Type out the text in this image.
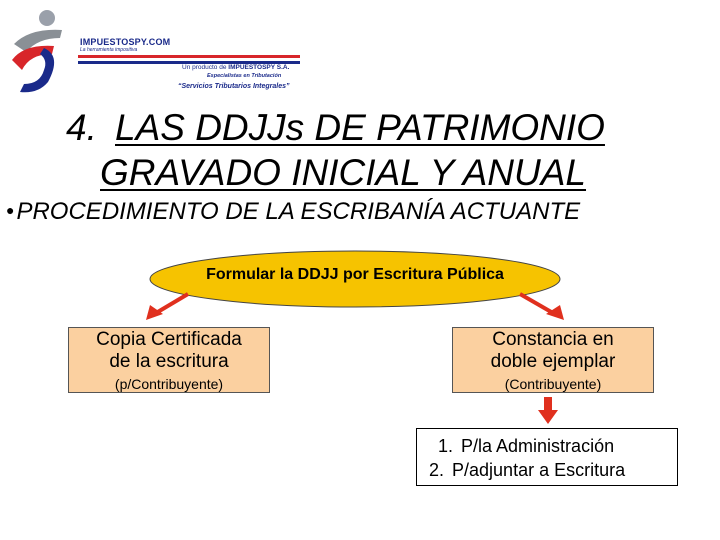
IMPUESTOSPY.COM
La herramienta impositiva
Un producto de IMPUESTOSPY S.A.
Especialistas en Tributación
“Servicios Tributarios Integrales”
4. LAS DDJJs DE PATRIMONIO
GRAVADO INICIAL Y ANUAL
●PROCEDIMIENTO DE LA ESCRIBANÍA ACTUANTE
Formular la DDJJ por Escritura Pública
Copia Certificada
de la escritura
(p/Contribuyente)
Constancia en
doble ejemplar
(Contribuyente)
1. P/la Administración
2. P/adjuntar a Escritura
